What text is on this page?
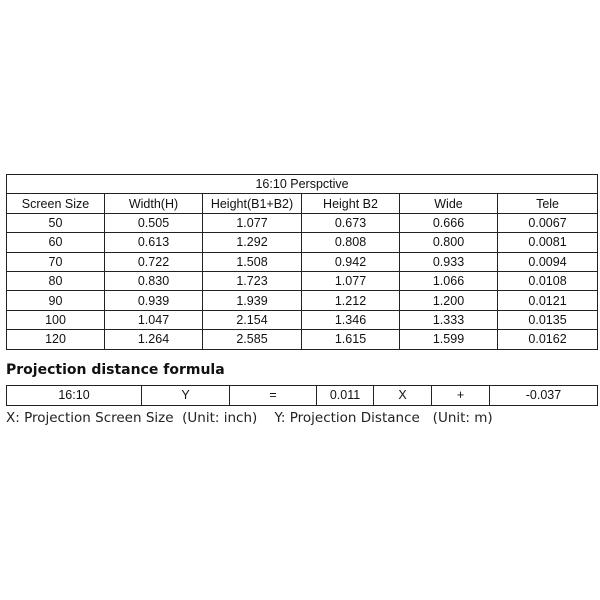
16:10 Perspctive					
Screen Size	Width(H)	Height(B1+B2)	Height B2	Wide	Tele
50	0.505	1.077	0.673	0.666	0.0067
60	0.613	1.292	0.808	0.800	0.0081
70	0.722	1.508	0.942	0.933	0.0094
80	0.830	1.723	1.077	1.066	0.0108
90	0.939	1.939	1.212	1.200	0.0121
100	1.047	2.154	1.346	1.333	0.0135
120	1.264	2.585	1.615	1.599	0.0162

Projection distance formula

16:10	Y	=	0.011	X	+	-0.037

X: Projection Screen Size  (Unit: inch)    Y: Projection Distance   (Unit: m)
